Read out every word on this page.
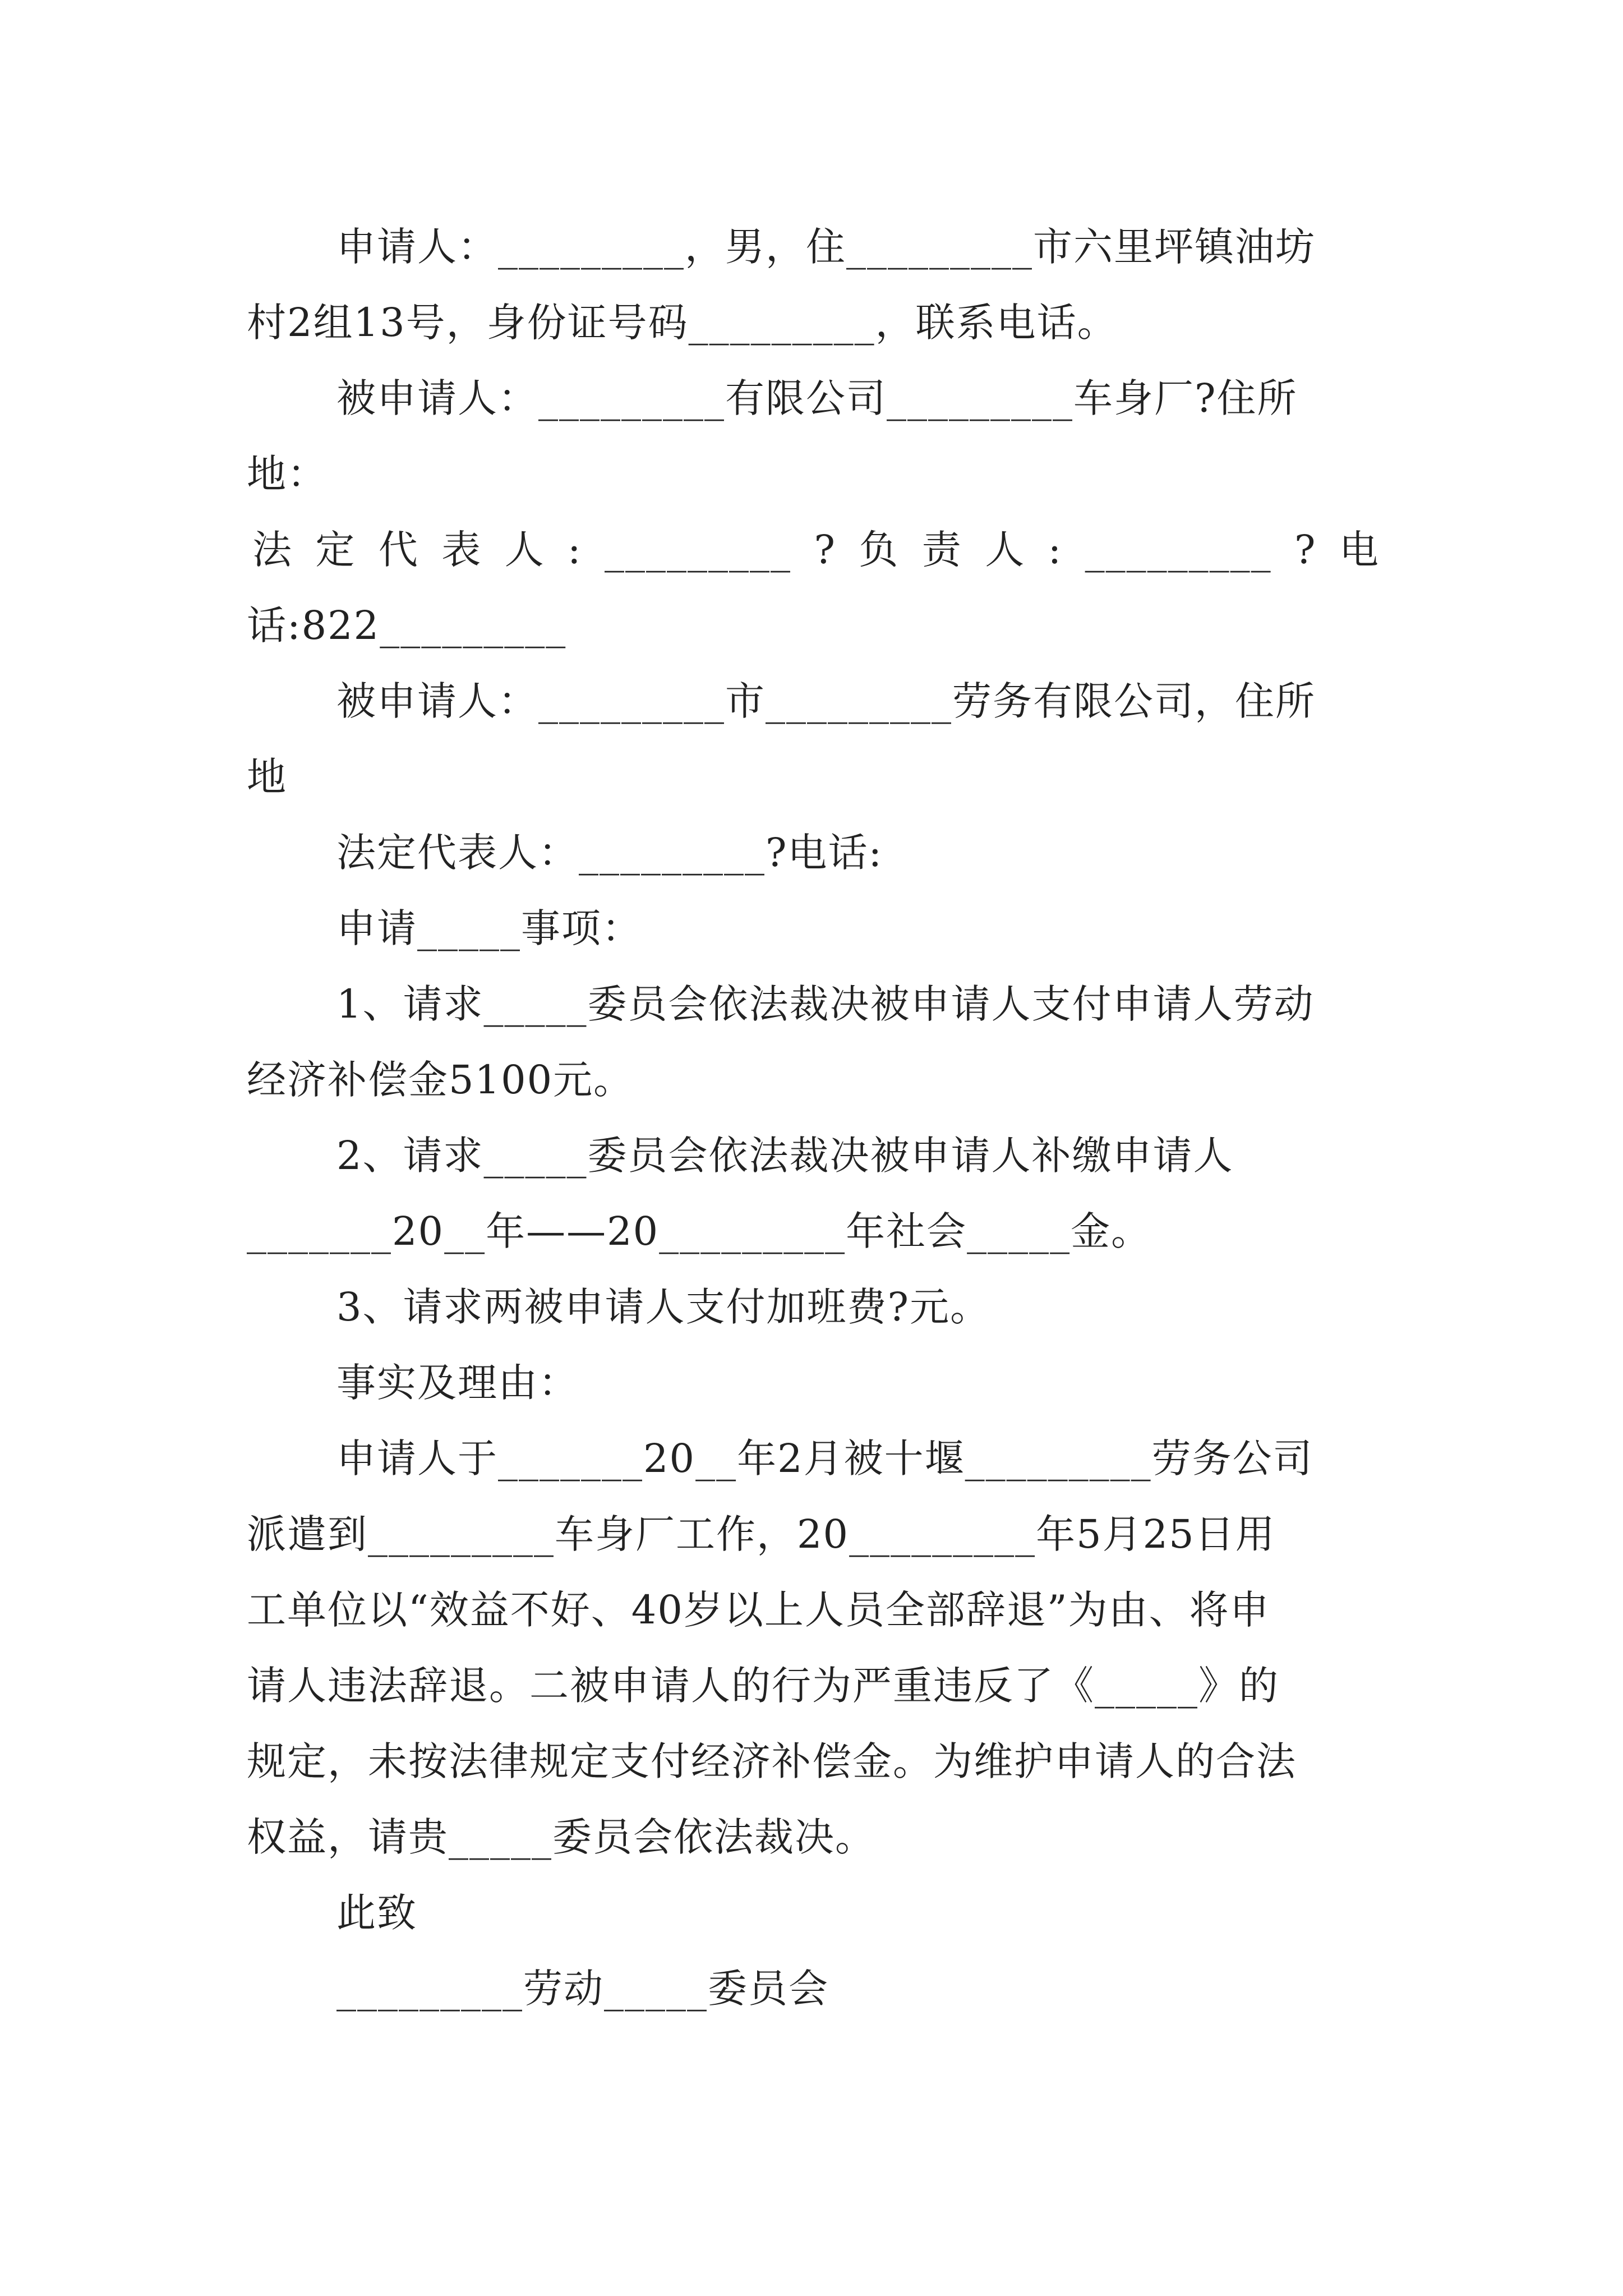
申请人：_________，男，住_________市六里坪镇油坊
村2组13号，身份证号码_________，联系电话。
被申请人：_________有限公司_________车身厂?住所
地：
法 定 代 表 人 : _________ ? 负 责 人 : _________ ? 电
话:822_________
被申请人：_________市_________劳务有限公司，住所
地
法定代表人：_________?电话:
申请_____事项：
1、请求_____委员会依法裁决被申请人支付申请人劳动
经济补偿金5100元。
2、请求_____委员会依法裁决被申请人补缴申请人
_______20__年——20_________年社会_____金。
3、请求两被申请人支付加班费?元。
事实及理由：
申请人于_______20__年2月被十堰_________劳务公司
派遣到_________车身厂工作，20_________年5月25日用
工单位以“效益不好、40岁以上人员全部辞退”为由、将申
请人违法辞退。二被申请人的行为严重违反了《_____》的
规定，未按法律规定支付经济补偿金。为维护申请人的合法
权益，请贵_____委员会依法裁决。
此致
_________劳动_____委员会
